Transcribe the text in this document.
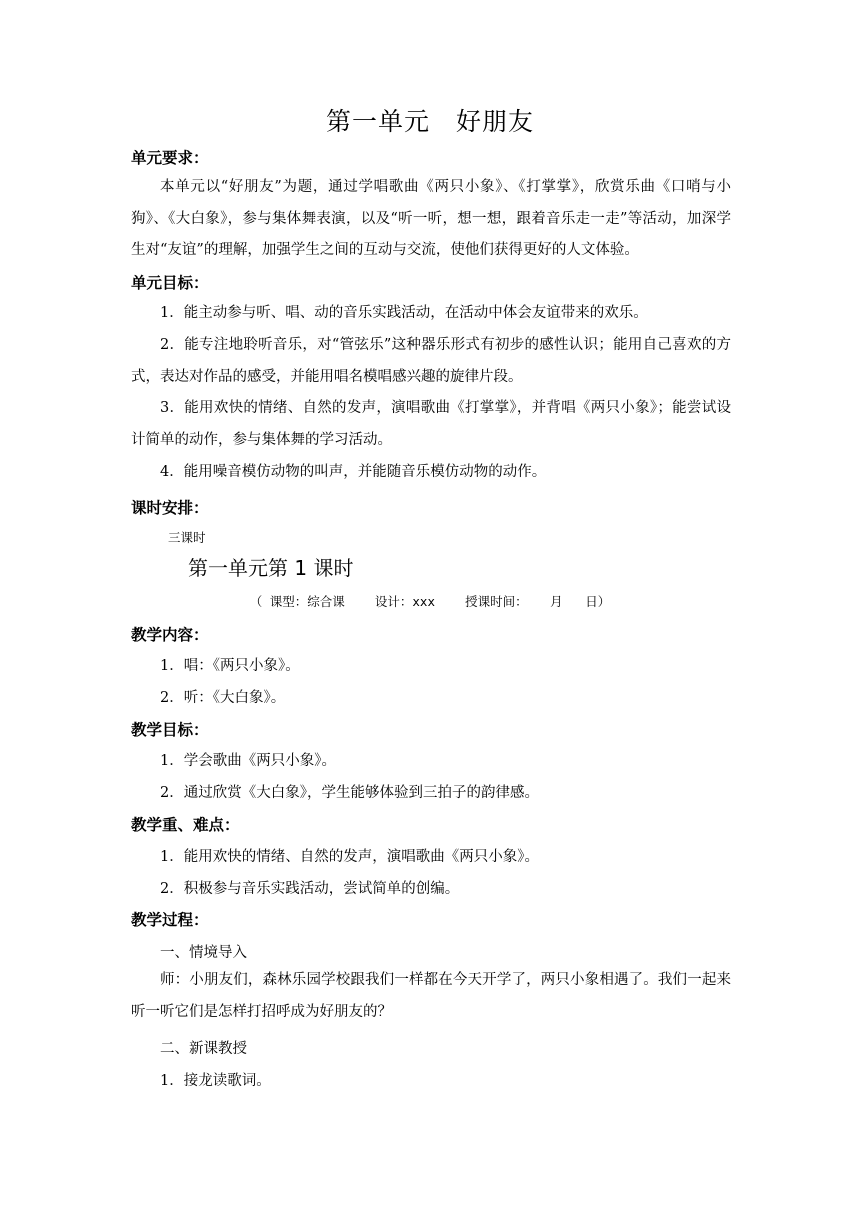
第一单元　好朋友
单元要求：
本单元以“好朋友”为题，通过学唱歌曲《两只小象》、《打掌掌》，欣赏乐曲《口哨与小狗》、《大白象》，参与集体舞表演，以及“听一听，想一想，跟着音乐走一走”等活动，加深学生对“友谊”的理解，加强学生之间的互动与交流，使他们获得更好的人文体验。
单元目标：
1．能主动参与听、唱、动的音乐实践活动，在活动中体会友谊带来的欢乐。
2．能专注地聆听音乐，对“管弦乐”这种器乐形式有初步的感性认识；能用自己喜欢的方式，表达对作品的感受，并能用唱名模唱感兴趣的旋律片段。
3．能用欢快的情绪、自然的发声，演唱歌曲《打掌掌》，并背唱《两只小象》；能尝试设计简单的动作，参与集体舞的学习活动。
4．能用噪音模仿动物的叫声，并能随音乐模仿动物的动作。
课时安排：
三课时
第一单元第 1 课时
（ 课型：综合课    设计：xxx    授课时间：   月   日）
教学内容：
1．唱：《两只小象》。
2．听：《大白象》。
教学目标：
1．学会歌曲《两只小象》。
2．通过欣赏《大白象》，学生能够体验到三拍子的韵律感。
教学重、难点：
1．能用欢快的情绪、自然的发声，演唱歌曲《两只小象》。
2．积极参与音乐实践活动，尝试简单的创编。
教学过程：
一、情境导入
师：小朋友们，森林乐园学校跟我们一样都在今天开学了，两只小象相遇了。我们一起来听一听它们是怎样打招呼成为好朋友的？
二、新课教授
1．接龙读歌词。
